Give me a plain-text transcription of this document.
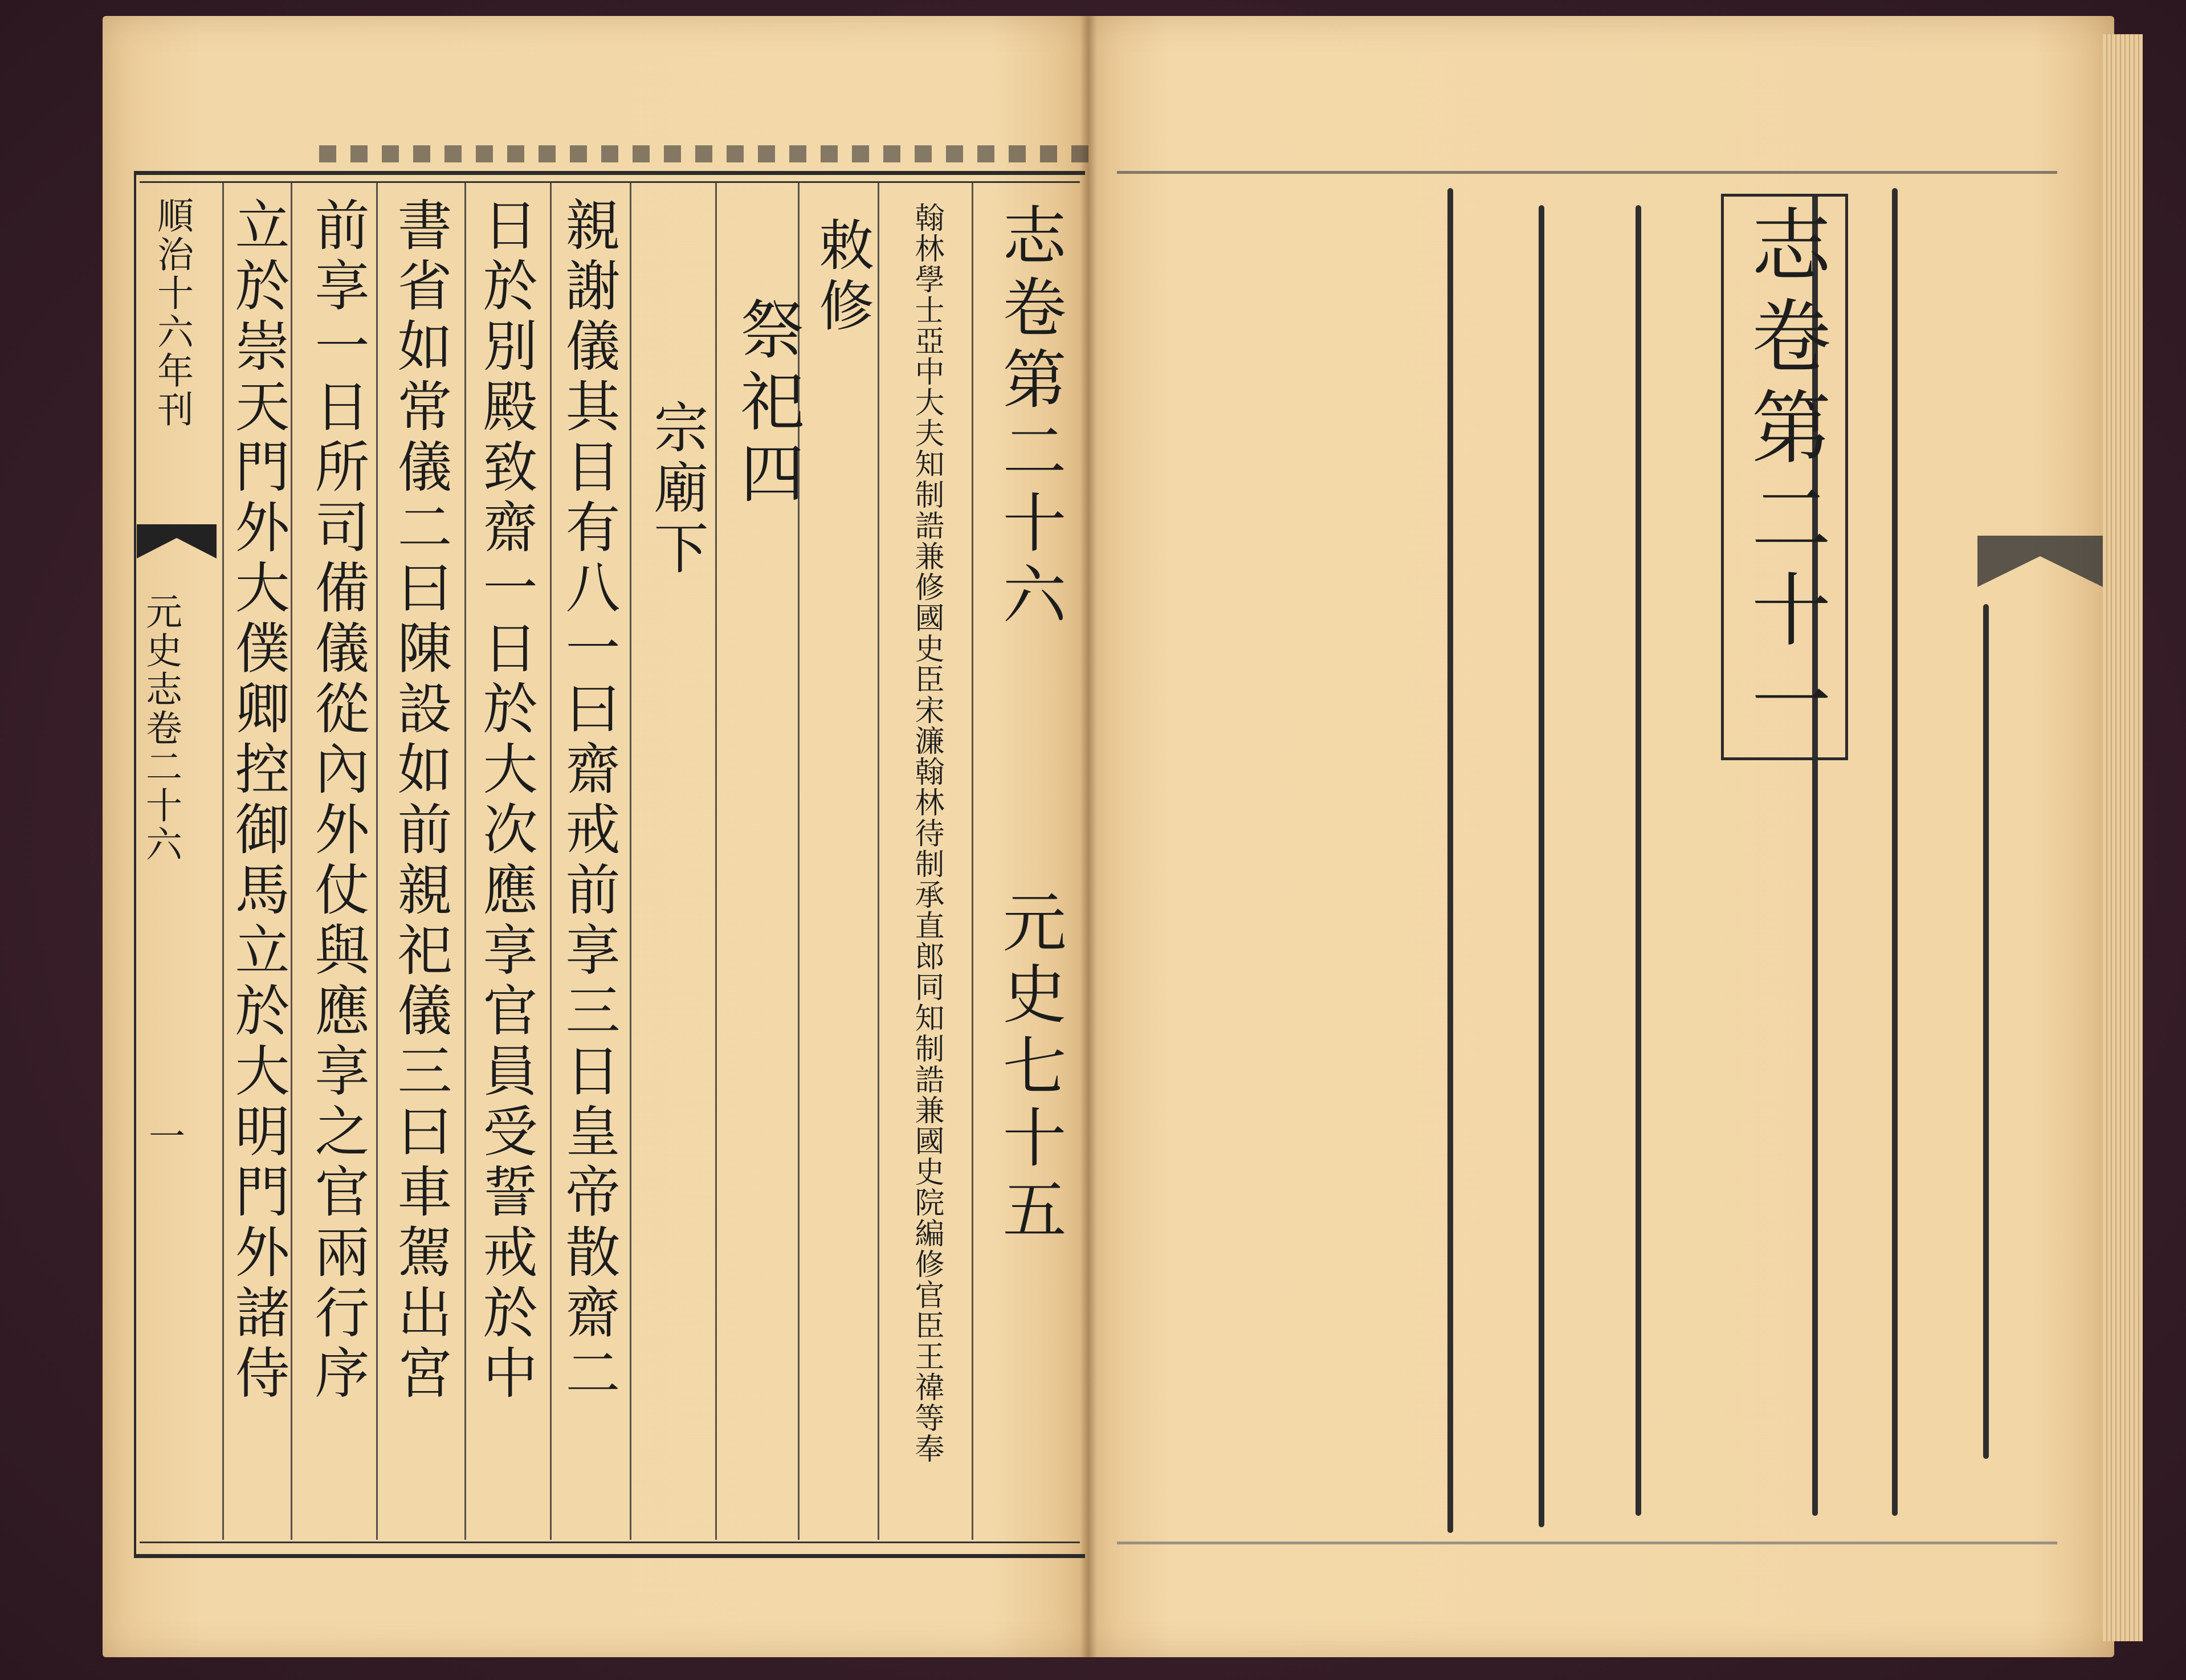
順治十六年刊
元史志卷二十六
一 立於崇天門外大僕卿控御馬立於大明門外諸侍 前享一日所司備儀從內外仗與應享之官兩行序 書省如常儀二曰陳設如前親祀儀三曰車駕出宮 日於別殿致齋一日於大次應享官員受誓戒於中 親謝儀其目有八一曰齋戒前享三日皇帝散齋二 宗廟下 祭祀四
敕修 翰林學士亞中大夫知制誥兼修國史臣宋濂翰林待制承直郎同知制誥兼國史院編修官臣王禕等奉 志卷第二十六
元史七十五
志卷第二十一
